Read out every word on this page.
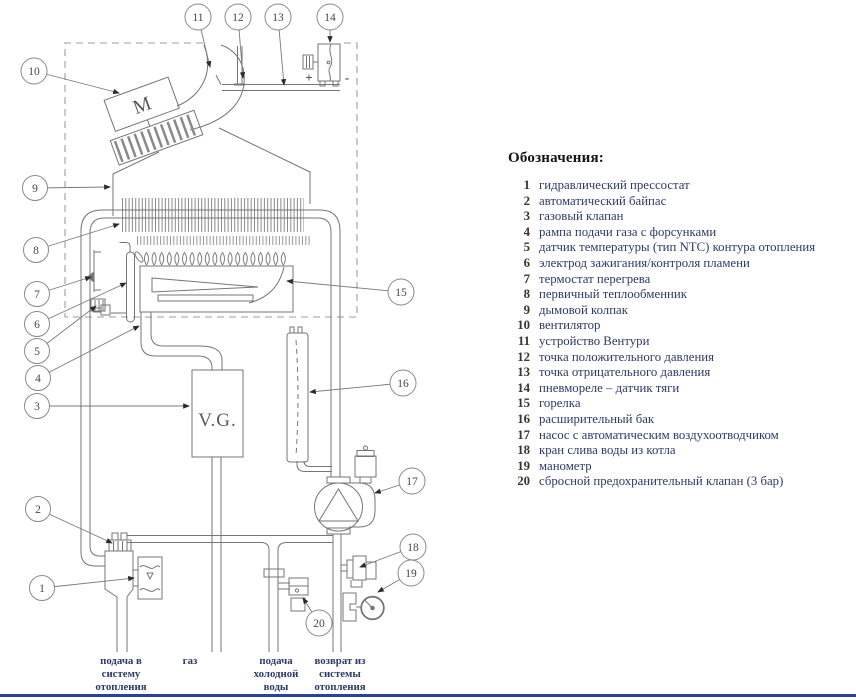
M
V.G.
+ -
1
2
3
4
5
6
7
8
9
10
11 12 13	14
15
16
17
18
19
20
подача в
систему
отопления
газ	подача
холодной
воды
возврат из
системы
отопления
Обозначения:
1 гидравлический прессостат
2 автоматический байпас
3 газовый клапан
4 рампа подачи газа с форсунками
5 датчик температуры (тип NTC) контура отопления
6 электрод зажигания/контроля пламени
7 термостат перегрева
8 первичный теплообменник
9 дымовой колпак
10 вентилятор
11 устройство Вентури
12 точка положительного давления
13 точка отрицательного давления
14 пневмореле – датчик тяги
15 горелка
16 расширительный бак
17 насос с автоматическим воздухоотводчиком
18 кран слива воды из котла
19 манометр
20 сбросной предохранительный клапан (3 бар)
